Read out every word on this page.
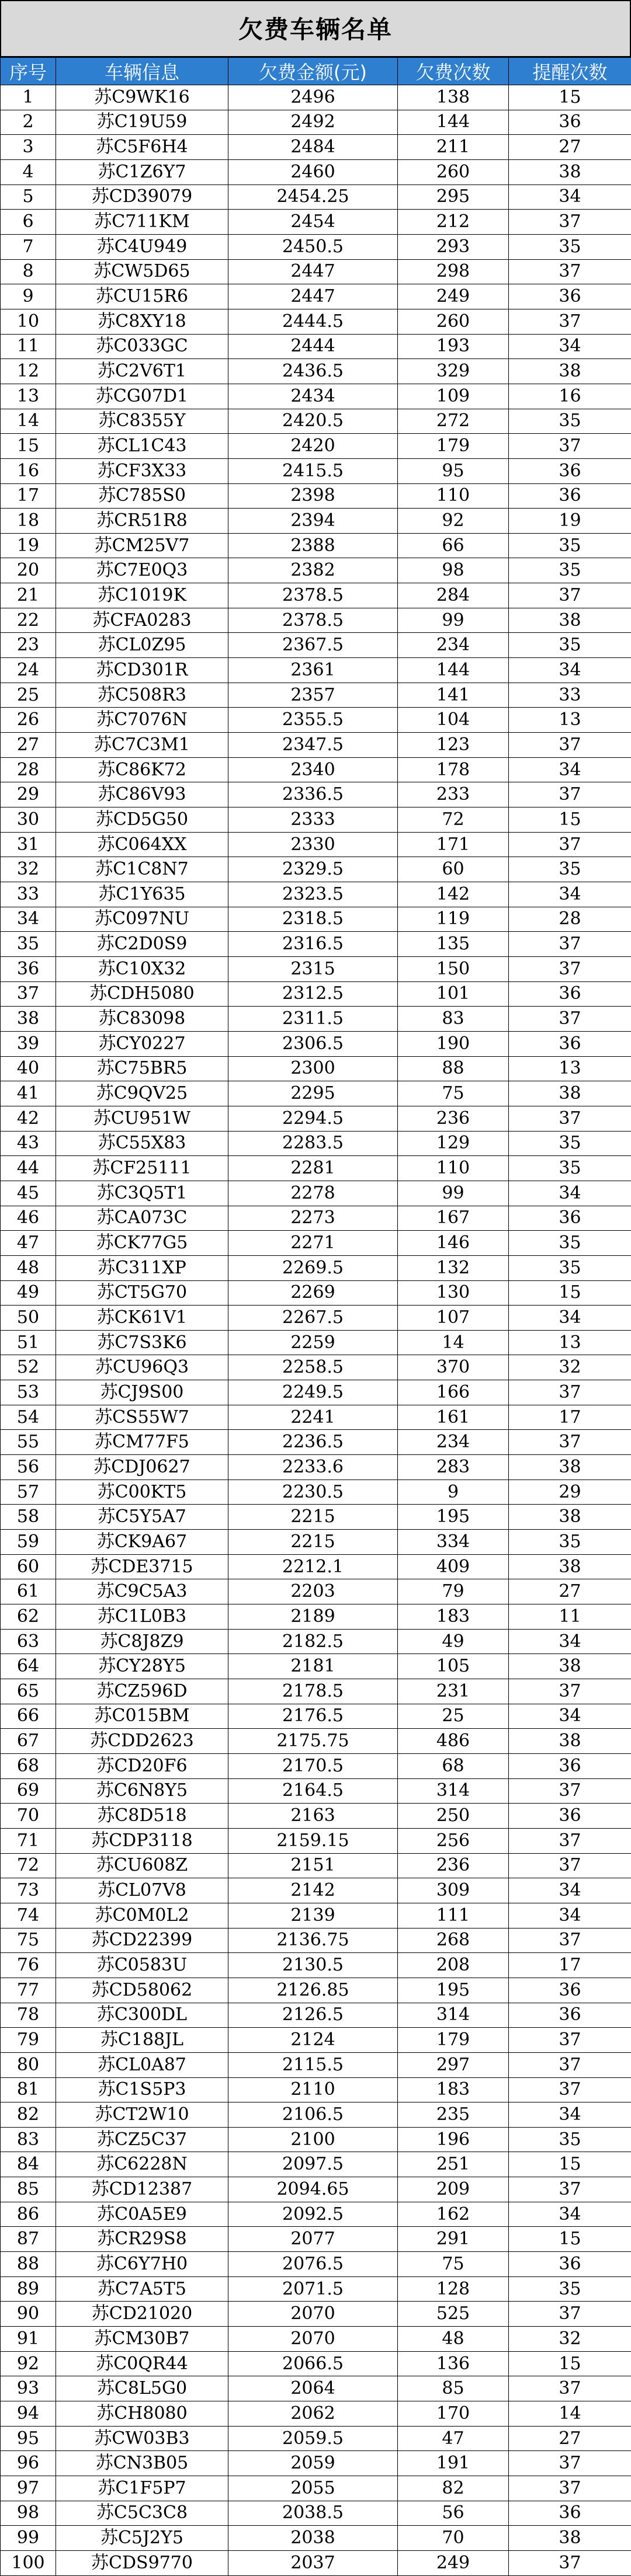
欠费车辆名单
序号	车辆信息	欠费金额(元)	欠费次数	提醒次数
1	苏C9WK16	2496	138	15
2	苏C19U59	2492	144	36
3	苏C5F6H4	2484	211	27
4	苏C1Z6Y7	2460	260	38
5	苏CD39079	2454.25	295	34
6	苏C711KM	2454	212	37
7	苏C4U949	2450.5	293	35
8	苏CW5D65	2447	298	37
9	苏CU15R6	2447	249	36
10	苏C8XY18	2444.5	260	37
11	苏C033GC	2444	193	34
12	苏C2V6T1	2436.5	329	38
13	苏CG07D1	2434	109	16
14	苏C8355Y	2420.5	272	35
15	苏CL1C43	2420	179	37
16	苏CF3X33	2415.5	95	36
17	苏C785S0	2398	110	36
18	苏CR51R8	2394	92	19
19	苏CM25V7	2388	66	35
20	苏C7E0Q3	2382	98	35
21	苏C1019K	2378.5	284	37
22	苏CFA0283	2378.5	99	38
23	苏CL0Z95	2367.5	234	35
24	苏CD301R	2361	144	34
25	苏C508R3	2357	141	33
26	苏C7076N	2355.5	104	13
27	苏C7C3M1	2347.5	123	37
28	苏C86K72	2340	178	34
29	苏C86V93	2336.5	233	37
30	苏CD5G50	2333	72	15
31	苏C064XX	2330	171	37
32	苏C1C8N7	2329.5	60	35
33	苏C1Y635	2323.5	142	34
34	苏C097NU	2318.5	119	28
35	苏C2D0S9	2316.5	135	37
36	苏C10X32	2315	150	37
37	苏CDH5080	2312.5	101	36
38	苏C83098	2311.5	83	37
39	苏CY0227	2306.5	190	36
40	苏C75BR5	2300	88	13
41	苏C9QV25	2295	75	38
42	苏CU951W	2294.5	236	37
43	苏C55X83	2283.5	129	35
44	苏CF25111	2281	110	35
45	苏C3Q5T1	2278	99	34
46	苏CA073C	2273	167	36
47	苏CK77G5	2271	146	35
48	苏C311XP	2269.5	132	35
49	苏CT5G70	2269	130	15
50	苏CK61V1	2267.5	107	34
51	苏C7S3K6	2259	14	13
52	苏CU96Q3	2258.5	370	32
53	苏CJ9S00	2249.5	166	37
54	苏CS55W7	2241	161	17
55	苏CM77F5	2236.5	234	37
56	苏CDJ0627	2233.6	283	38
57	苏C00KT5	2230.5	9	29
58	苏C5Y5A7	2215	195	38
59	苏CK9A67	2215	334	35
60	苏CDE3715	2212.1	409	38
61	苏C9C5A3	2203	79	27
62	苏C1L0B3	2189	183	11
63	苏C8J8Z9	2182.5	49	34
64	苏CY28Y5	2181	105	38
65	苏CZ596D	2178.5	231	37
66	苏C015BM	2176.5	25	34
67	苏CDD2623	2175.75	486	38
68	苏CD20F6	2170.5	68	36
69	苏C6N8Y5	2164.5	314	37
70	苏C8D518	2163	250	36
71	苏CDP3118	2159.15	256	37
72	苏CU608Z	2151	236	37
73	苏CL07V8	2142	309	34
74	苏C0M0L2	2139	111	34
75	苏CD22399	2136.75	268	37
76	苏C0583U	2130.5	208	17
77	苏CD58062	2126.85	195	36
78	苏C300DL	2126.5	314	36
79	苏C188JL	2124	179	37
80	苏CL0A87	2115.5	297	37
81	苏C1S5P3	2110	183	37
82	苏CT2W10	2106.5	235	34
83	苏CZ5C37	2100	196	35
84	苏C6228N	2097.5	251	15
85	苏CD12387	2094.65	209	37
86	苏C0A5E9	2092.5	162	34
87	苏CR29S8	2077	291	15
88	苏C6Y7H0	2076.5	75	36
89	苏C7A5T5	2071.5	128	35
90	苏CD21020	2070	525	37
91	苏CM30B7	2070	48	32
92	苏C0QR44	2066.5	136	15
93	苏C8L5G0	2064	85	37
94	苏CH8080	2062	170	14
95	苏CW03B3	2059.5	47	27
96	苏CN3B05	2059	191	37
97	苏C1F5P7	2055	82	37
98	苏C5C3C8	2038.5	56	36
99	苏C5J2Y5	2038	70	38
100	苏CDS9770	2037	249	37
